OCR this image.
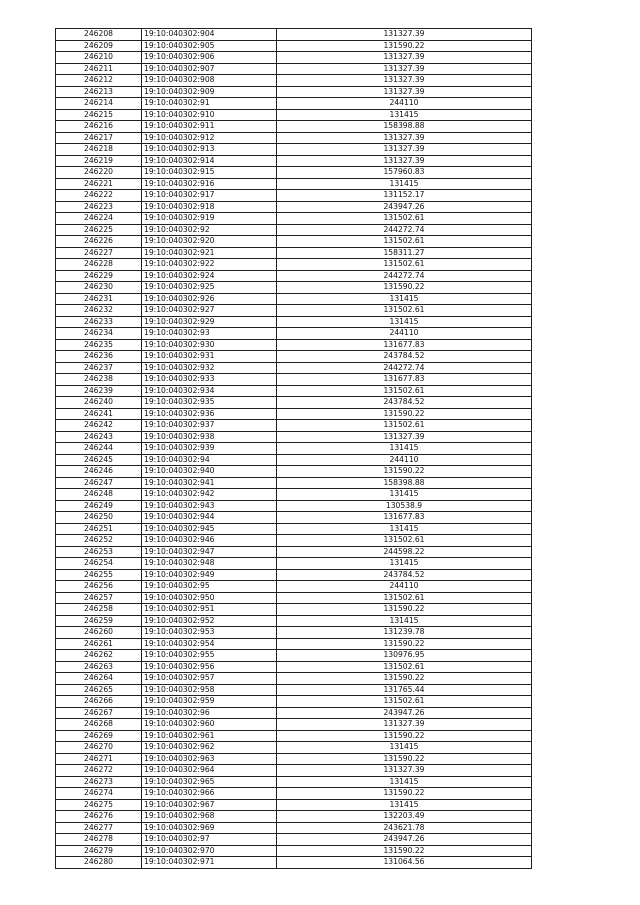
246208	19:10:040302:904	131327.39
246209	19:10:040302:905	131590.22
246210	19:10:040302:906	131327.39
246211	19:10:040302:907	131327.39
246212	19:10:040302:908	131327.39
246213	19:10:040302:909	131327.39
246214	19:10:040302:91	244110
246215	19:10:040302:910	131415
246216	19:10:040302:911	158398.88
246217	19:10:040302:912	131327.39
246218	19:10:040302:913	131327.39
246219	19:10:040302:914	131327.39
246220	19:10:040302:915	157960.83
246221	19:10:040302:916	131415
246222	19:10:040302:917	131152.17
246223	19:10:040302:918	243947.26
246224	19:10:040302:919	131502.61
246225	19:10:040302:92	244272.74
246226	19:10:040302:920	131502.61
246227	19:10:040302:921	158311.27
246228	19:10:040302:922	131502.61
246229	19:10:040302:924	244272.74
246230	19:10:040302:925	131590.22
246231	19:10:040302:926	131415
246232	19:10:040302:927	131502.61
246233	19:10:040302:929	131415
246234	19:10:040302:93	244110
246235	19:10:040302:930	131677.83
246236	19:10:040302:931	243784.52
246237	19:10:040302:932	244272.74
246238	19:10:040302:933	131677.83
246239	19:10:040302:934	131502.61
246240	19:10:040302:935	243784.52
246241	19:10:040302:936	131590.22
246242	19:10:040302:937	131502.61
246243	19:10:040302:938	131327.39
246244	19:10:040302:939	131415
246245	19:10:040302:94	244110
246246	19:10:040302:940	131590.22
246247	19:10:040302:941	158398.88
246248	19:10:040302:942	131415
246249	19:10:040302:943	130538.9
246250	19:10:040302:944	131677.83
246251	19:10:040302:945	131415
246252	19:10:040302:946	131502.61
246253	19:10:040302:947	244598.22
246254	19:10:040302:948	131415
246255	19:10:040302:949	243784.52
246256	19:10:040302:95	244110
246257	19:10:040302:950	131502.61
246258	19:10:040302:951	131590.22
246259	19:10:040302:952	131415
246260	19:10:040302:953	131239.78
246261	19:10:040302:954	131590.22
246262	19:10:040302:955	130976.95
246263	19:10:040302:956	131502.61
246264	19:10:040302:957	131590.22
246265	19:10:040302:958	131765.44
246266	19:10:040302:959	131502.61
246267	19:10:040302:96	243947.26
246268	19:10:040302:960	131327.39
246269	19:10:040302:961	131590.22
246270	19:10:040302:962	131415
246271	19:10:040302:963	131590.22
246272	19:10:040302:964	131327.39
246273	19:10:040302:965	131415
246274	19:10:040302:966	131590.22
246275	19:10:040302:967	131415
246276	19:10:040302:968	132203.49
246277	19:10:040302:969	243621.78
246278	19:10:040302:97	243947.26
246279	19:10:040302:970	131590.22
246280	19:10:040302:971	131064.56
